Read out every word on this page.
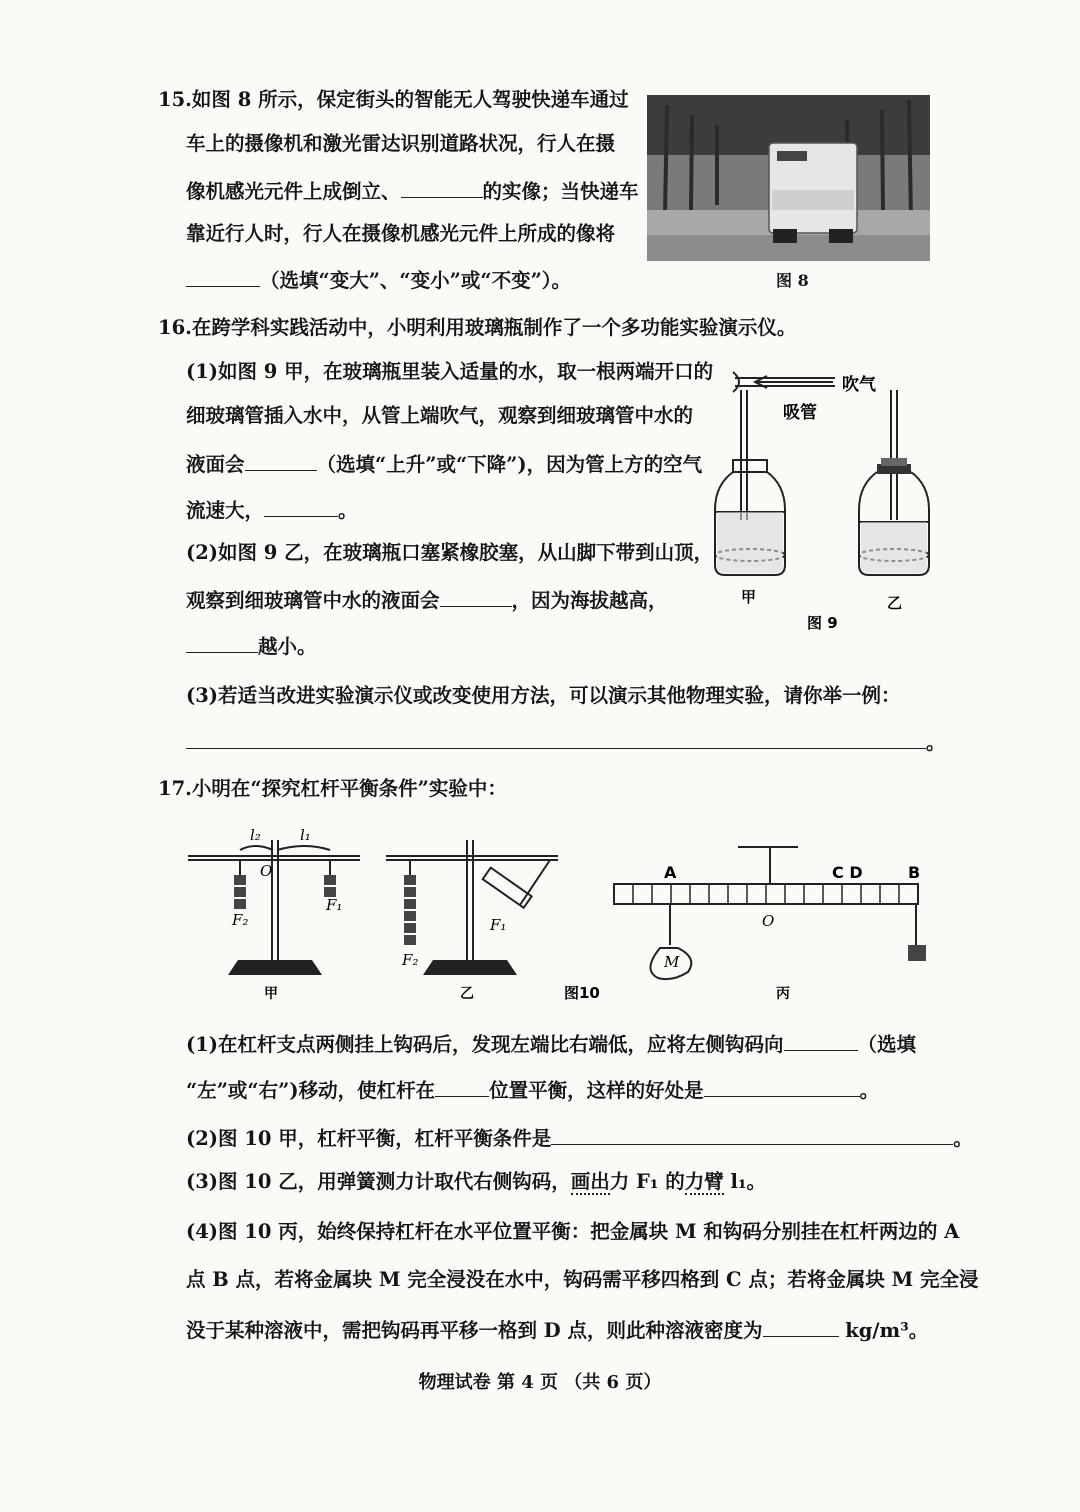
15.如图 8 所示，保定街头的智能无人驾驶快递车通过
车上的摄像机和激光雷达识别道路状况，行人在摄
像机感光元件上成倒立、	的实像；当快递车
靠近行人时，行人在摄像机感光元件上所成的像将
（选填“变大”、“变小”或“不变”）。	图 8
16.在跨学科实践活动中，小明利用玻璃瓶制作了一个多功能实验演示仪。
(1)如图 9 甲，在玻璃瓶里装入适量的水，取一根两端开口的
细玻璃管插入水中，从管上端吹气，观察到细玻璃管中水的
液面会	（选填“上升”或“下降”)，因为管上方的空气
流速大，	。
(2)如图 9 乙，在玻璃瓶口塞紧橡胶塞，从山脚下带到山顶，
观察到细玻璃管中水的液面会	，因为海拔越高，
越小。
(3)若适当改进实验演示仪或改变使用方法，可以演示其他物理实验，请你举一例：
。
吹气
吸管
甲	乙
图 9
17.小明在“探究杠杆平衡条件”实验中：
l₂	l₁
O
F₂
F₁
F₂
F₁
A	C D	B
O
M
甲	乙	图10	丙
(1)在杠杆支点两侧挂上钩码后，发现左端比右端低，应将左侧钩码向	（选填
“左”或“右”)移动，使杠杆在	位置平衡，这样的好处是	。
(2)图 10 甲，杠杆平衡，杠杆平衡条件是	。
(3)图 10 乙，用弹簧测力计取代右侧钩码，画出力 F₁ 的力臂 l₁。
(4)图 10 丙，始终保持杠杆在水平位置平衡：把金属块 M 和钩码分别挂在杠杆两边的 A
点 B 点，若将金属块 M 完全浸没在水中，钩码需平移四格到 C 点；若将金属块 M 完全浸
没于某种溶液中，需把钩码再平移一格到 D 点，则此种溶液密度为	kg/m³。
物理试卷 第 4 页 （共 6 页）
